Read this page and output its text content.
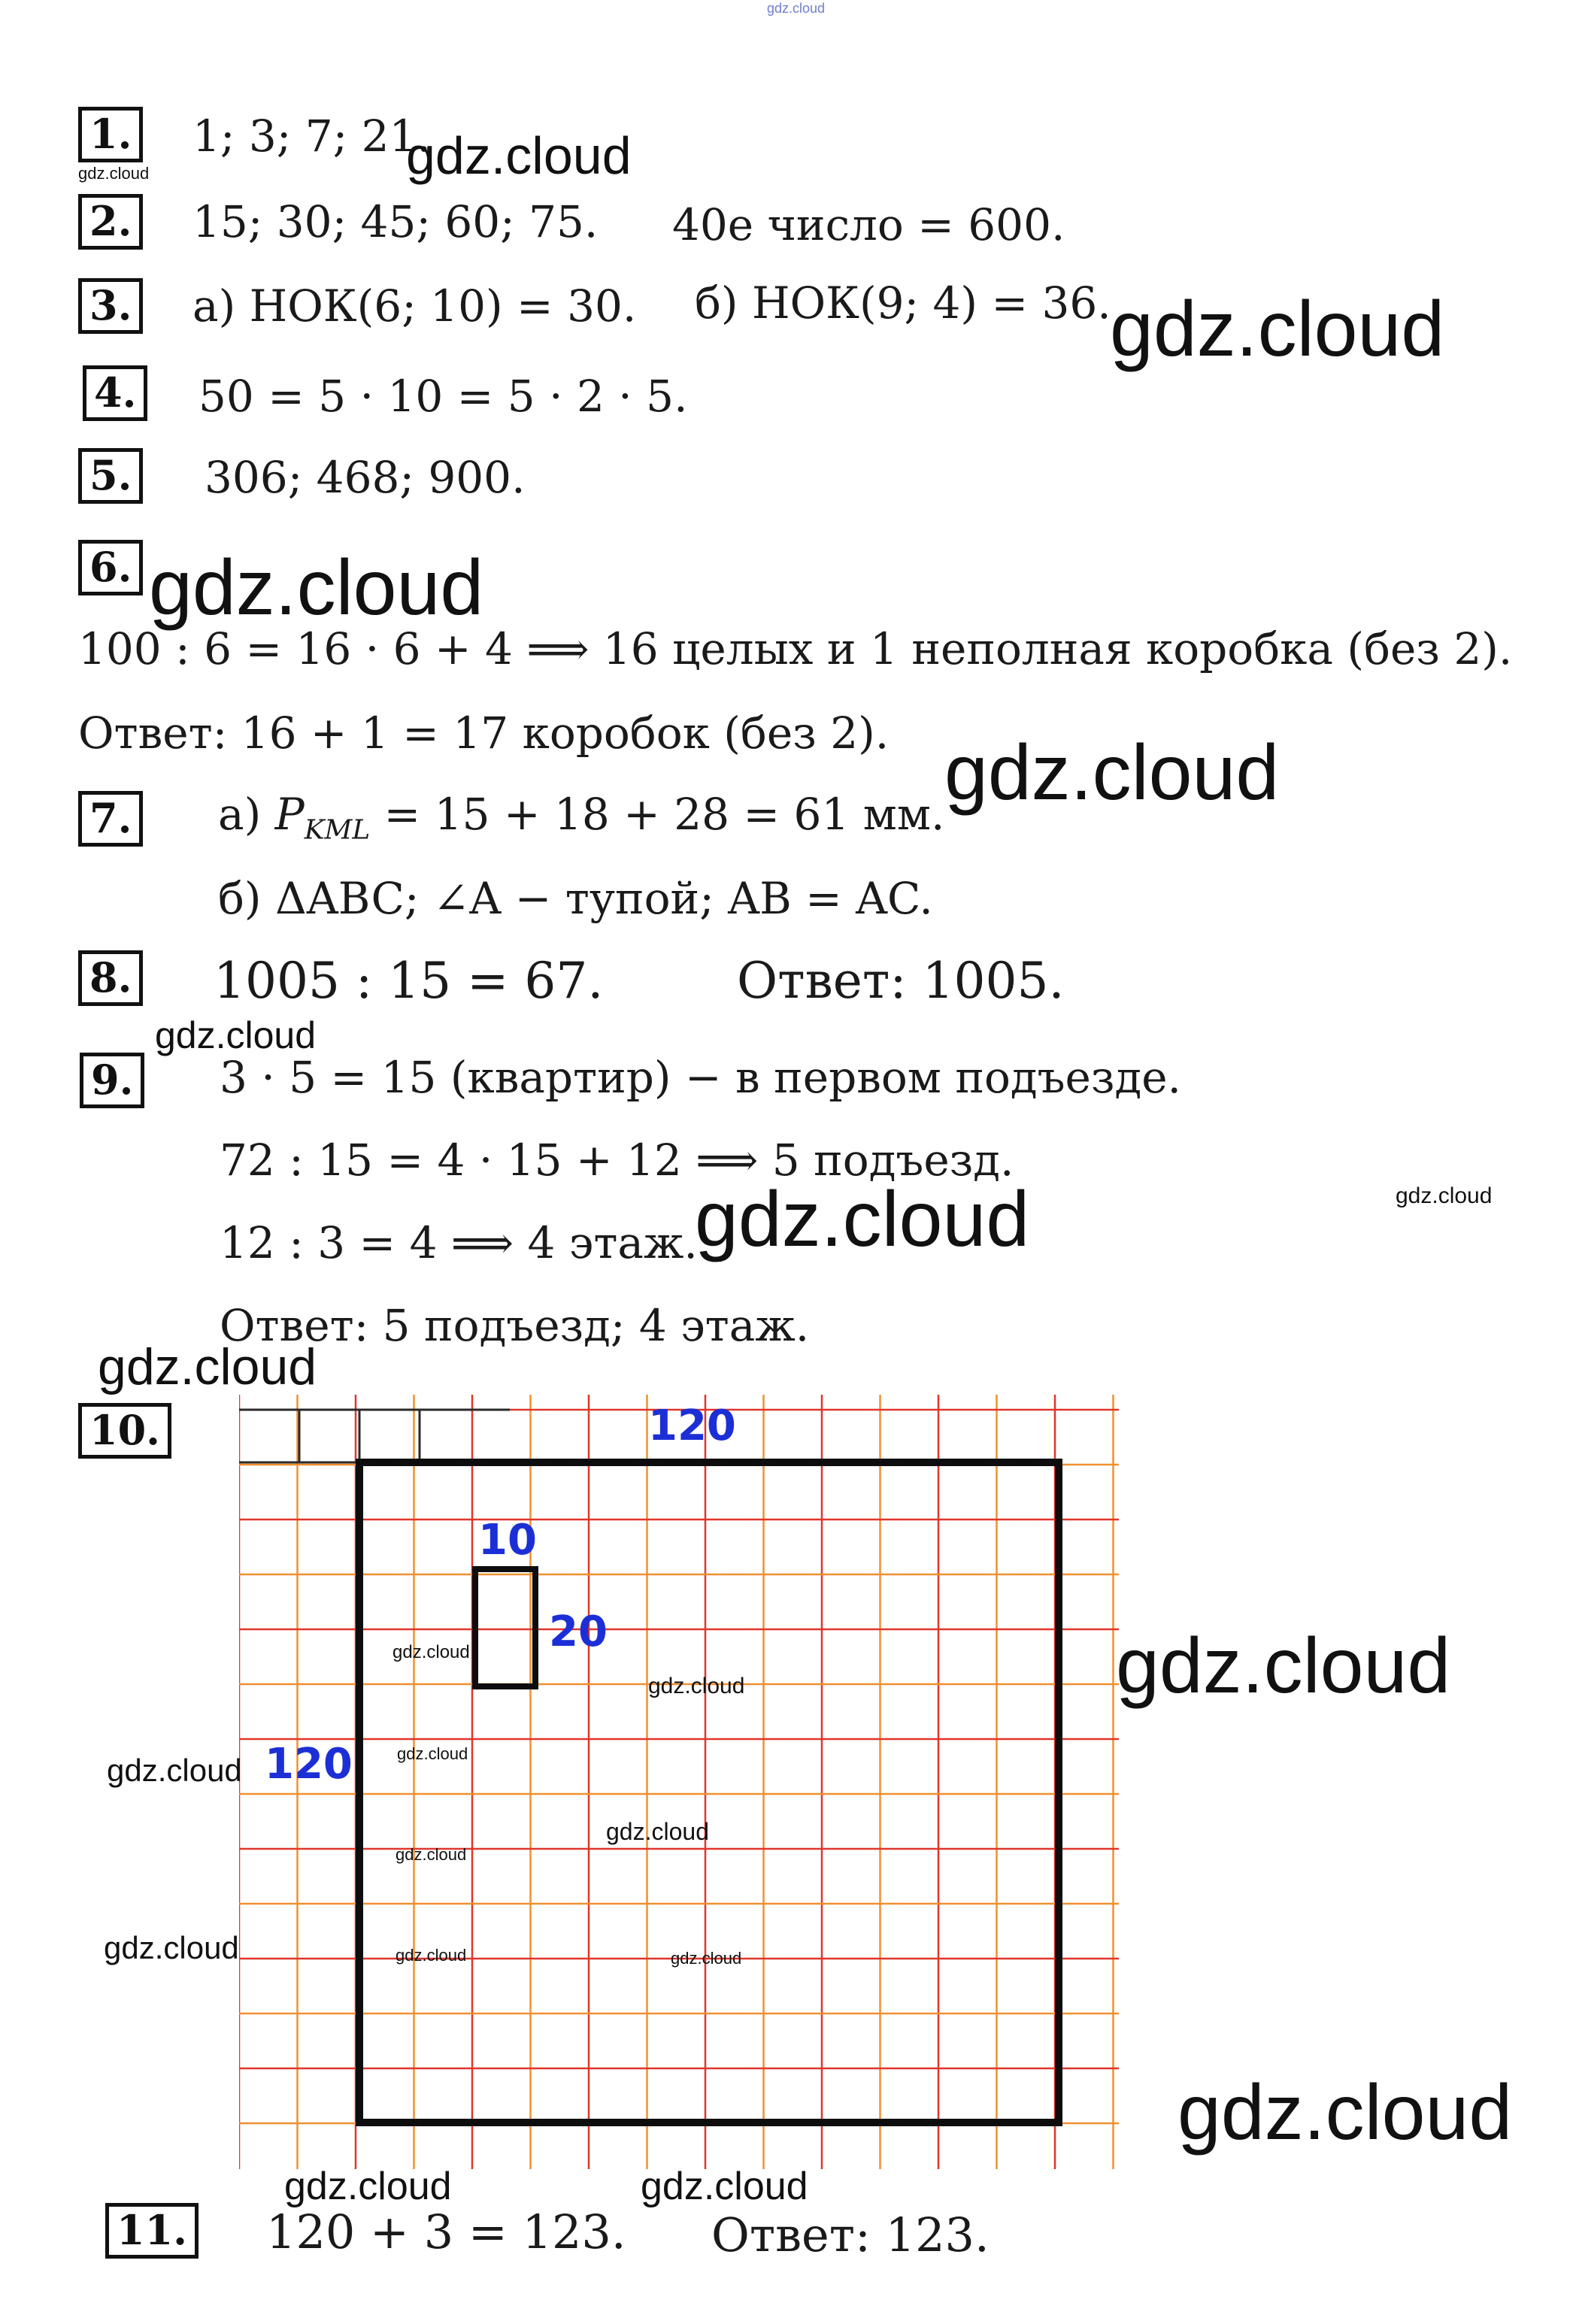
gdz.cloud
1. 1; 3; 7; 21.
2. 15; 30; 45; 60; 75. 40е число = 600.
3. а) НОК(6; 10) = 30. б) НОК(9; 4) = 36.
4. 50 = 5 · 10 = 5 · 2 · 5.
5. 306; 468; 900.
6.
100 : 6 = 16 · 6 + 4 ⟹ 16 целых и 1 неполная коробка (без 2).
Ответ: 16 + 1 = 17 коробок (без 2).
7. а) $P_{KML} = 15 + 18 + 28 = 61$ мм.
б) ΔABC; ∠A − тупой; AB = AC.
8. 1005 : 15 = 67.	Ответ: 1005.
9. 3 · 5 = 15 (квартир) − в первом подъезде.
72 : 15 = 4 · 15 + 12 ⟹ 5 подъезд.
12 : 3 = 4 ⟹ 4 этаж.
Ответ: 5 подъезд; 4 этаж.
10.	120
10
20
120
11. 120 + 3 = 123. Ответ: 123.
gdz.cloud
gdz.cloud
gdz.cloud
gdz.cloud
gdz.cloud
gdz.cloud
gdz.cloud	gdz.cloud
gdz.cloud
gdz.cloud
gdz.cloud
gdz.cloud
gdz.cloud	gdz.cloud
gdz.cloud
gdz.cloud
gdz.cloud	gdz.cloud	gdz.cloud
gdz.cloud
gdz.cloud	gdz.cloud
